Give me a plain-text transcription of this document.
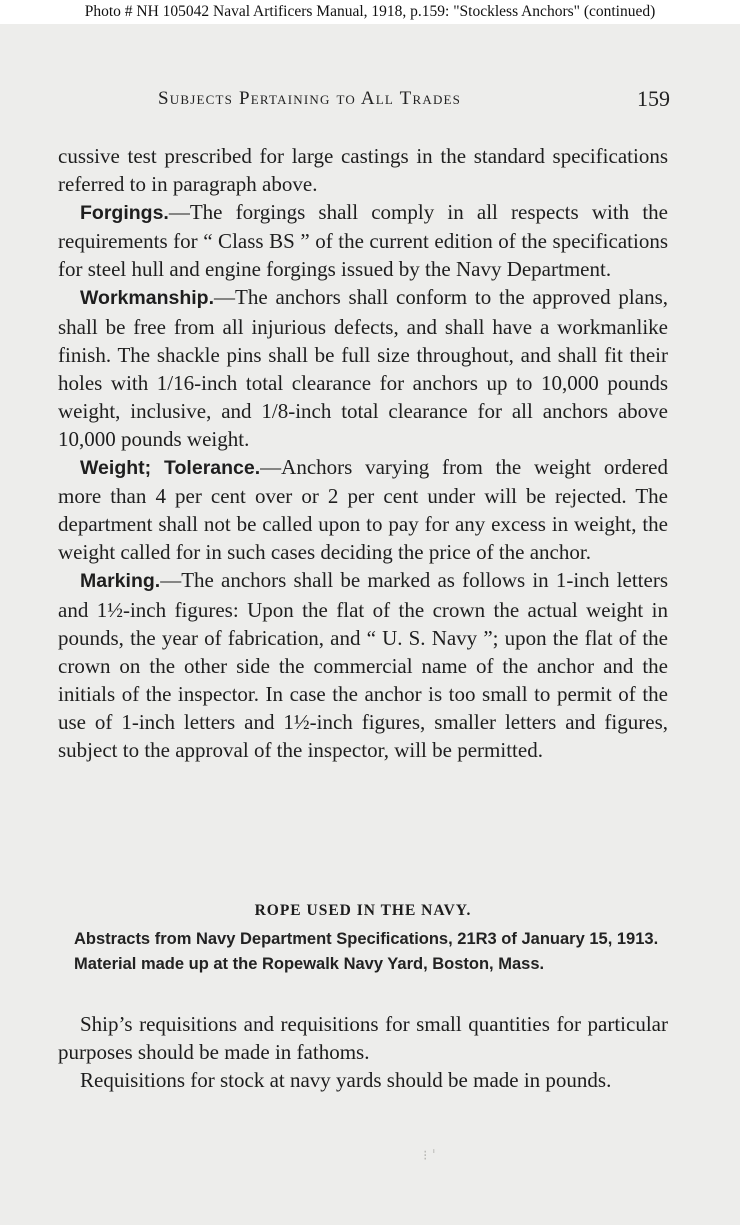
Photo # NH 105042 Naval Artificers Manual, 1918, p.159: "Stockless Anchors" (continued)
Subjects Pertaining to All Trades	159

cussive test prescribed for large castings in the standard specifications referred to in paragraph above.

Forgings.—The forgings shall comply in all respects with the requirements for “ Class BS ” of the current edition of the specifications for steel hull and engine forgings issued by the Navy Department.

Workmanship.—The anchors shall conform to the approved plans, shall be free from all injurious defects, and shall have a workmanlike finish. The shackle pins shall be full size throughout, and shall fit their holes with 1/16-inch total clearance for anchors up to 10,000 pounds weight, inclusive, and 1/8-inch total clearance for all anchors above 10,000 pounds weight.

Weight; Tolerance.—Anchors varying from the weight ordered more than 4 per cent over or 2 per cent under will be rejected. The department shall not be called upon to pay for any excess in weight, the weight called for in such cases deciding the price of the anchor.

Marking.—The anchors shall be marked as follows in 1-inch letters and 1½-inch figures: Upon the flat of the crown the actual weight in pounds, the year of fabrication, and “ U. S. Navy ”; upon the flat of the crown on the other side the commercial name of the anchor and the initials of the inspector. In case the anchor is too small to permit of the use of 1-inch letters and 1½-inch figures, smaller letters and figures, subject to the approval of the inspector, will be permitted.

ROPE USED IN THE NAVY.

Abstracts from Navy Department Specifications, 21R3 of January 15, 1913.

Material made up at the Ropewalk Navy Yard, Boston, Mass.

Ship’s requisitions and requisitions for small quantities for particular purposes should be made in fathoms.

Requisitions for stock at navy yards should be made in pounds.

⁝ ˈ
